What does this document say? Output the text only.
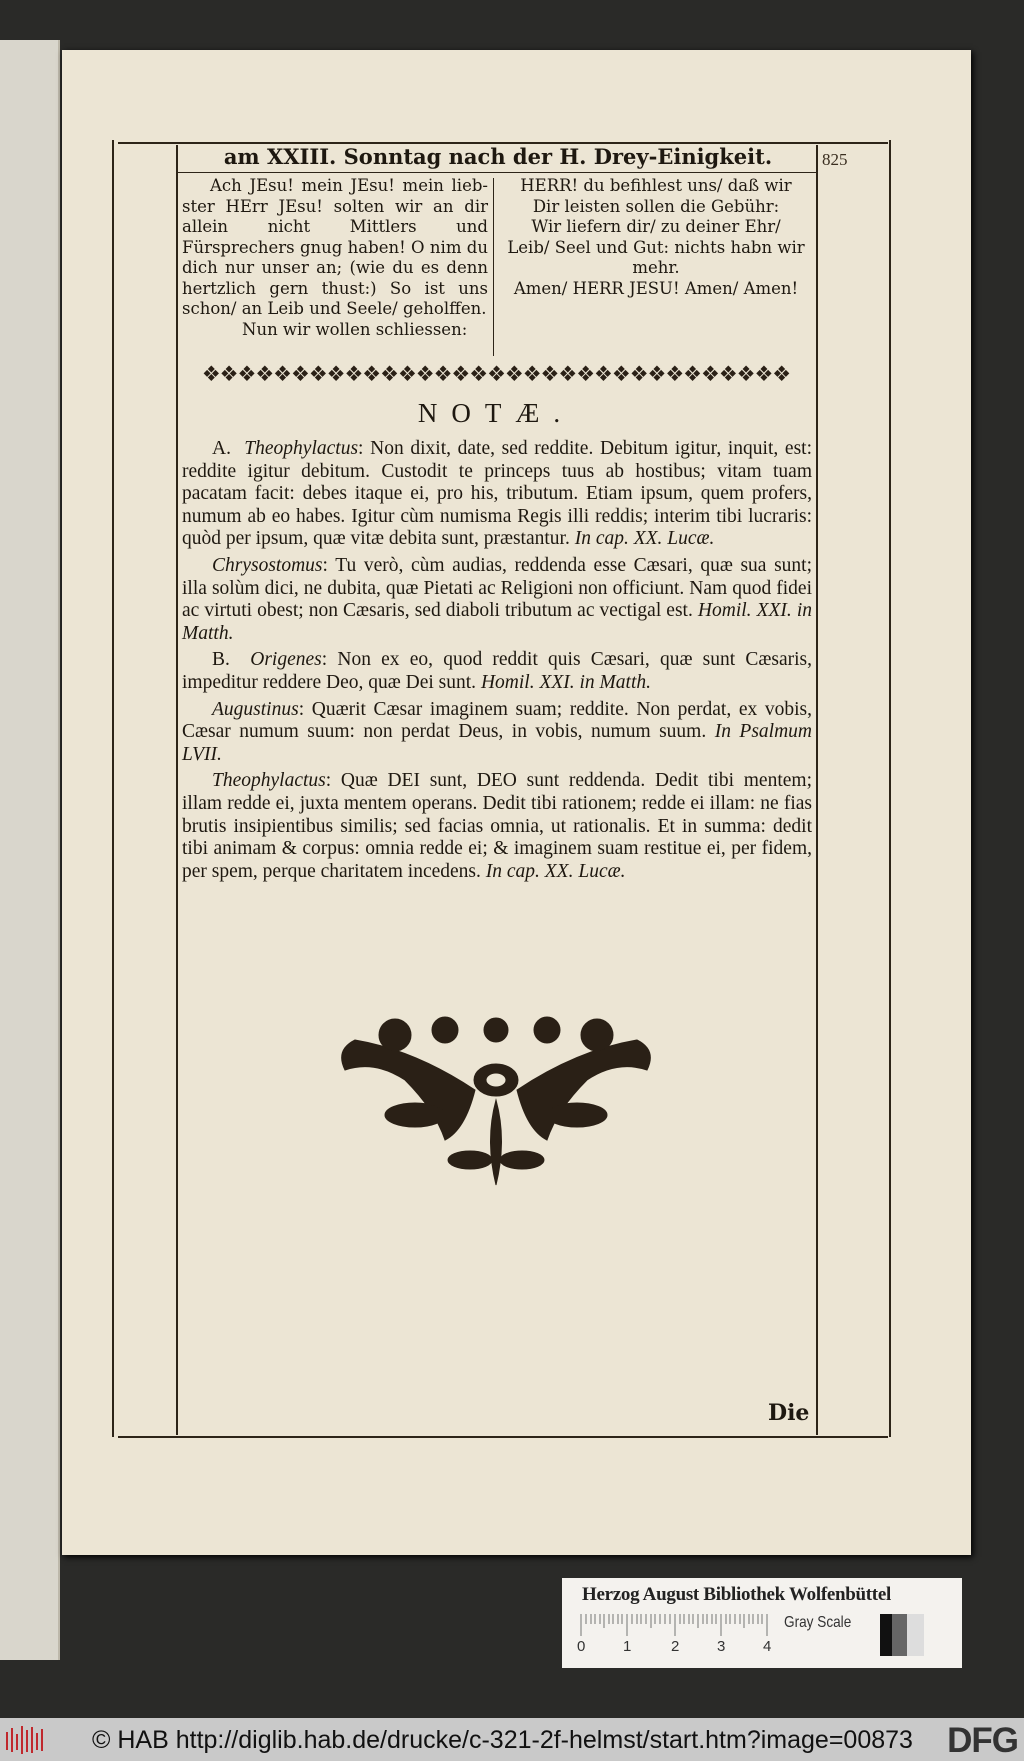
am XXIII. Sonntag nach der H. Drey-Einigkeit.	825

Ach JEsu! mein JEsu! mein lieb-ster HErr JEsu! solten wir an dir allein nicht Mittlers und Fürsprechers gnug haben! O nim du dich nur unser an; (wie du es denn hertzlich gern thust:) So ist uns schon/ an Leib und Seele/ geholffen.

Nun wir wollen schliessen:

HERR! du befihlest uns/ daß wir

Dir leisten sollen die Gebühr:

Wir liefern dir/ zu deiner Ehr/

Leib/ Seel und Gut: nichts habn wir mehr.

Amen/ HERR JESU! Amen/ Amen!

❖❖❖❖❖❖❖❖❖❖❖❖❖❖❖❖❖❖❖❖❖❖❖❖❖❖❖❖❖❖❖❖❖
NOTÆ.

A. Theophylactus: Non dixit, date, sed reddite. Debitum igitur, inquit, est: reddite igitur debitum. Custodit te princeps tuus ab hostibus; vitam tuam pacatam facit: debes itaque ei, pro his, tributum. Etiam ipsum, quem profers, numum ab eo habes. Igitur cùm numisma Regis illi reddis; interim tibi lucraris: quòd per ipsum, quæ vitæ debita sunt, præstantur. In cap. XX. Lucæ.

Chrysostomus: Tu verò, cùm audias, reddenda esse Cæsari, quæ sua sunt; illa solùm dici, ne dubita, quæ Pietati ac Religioni non officiunt. Nam quod fidei ac virtuti obest; non Cæsaris, sed diaboli tributum ac vectigal est. Homil. XXI. in Matth.

B. Origenes: Non ex eo, quod reddit quis Cæsari, quæ sunt Cæsaris, impeditur reddere Deo, quæ Dei sunt. Homil. XXI. in Matth.

Augustinus: Quærit Cæsar imaginem suam; reddite. Non perdat, ex vobis, Cæsar numum suum: non perdat Deus, in vobis, numum suum. In Psalmum LVII.

Theophylactus: Quæ DEI sunt, DEO sunt reddenda. Dedit tibi mentem; illam redde ei, juxta mentem operans. Dedit tibi rationem; redde ei illam: ne fias brutis insipientibus similis; sed facias omnia, ut rationalis. Et in summa: dedit tibi animam & corpus: omnia redde ei; & imaginem suam restitue ei, per fidem, per spem, perque charitatem incedens. In cap. XX. Lucæ.

Die
Herzog August Bibliothek Wolfenbüttel
0	1	2	3	4
Gray Scale
© HAB http://diglib.hab.de/drucke/c-321-2f-helmst/start.htm?image=00873 DFG
